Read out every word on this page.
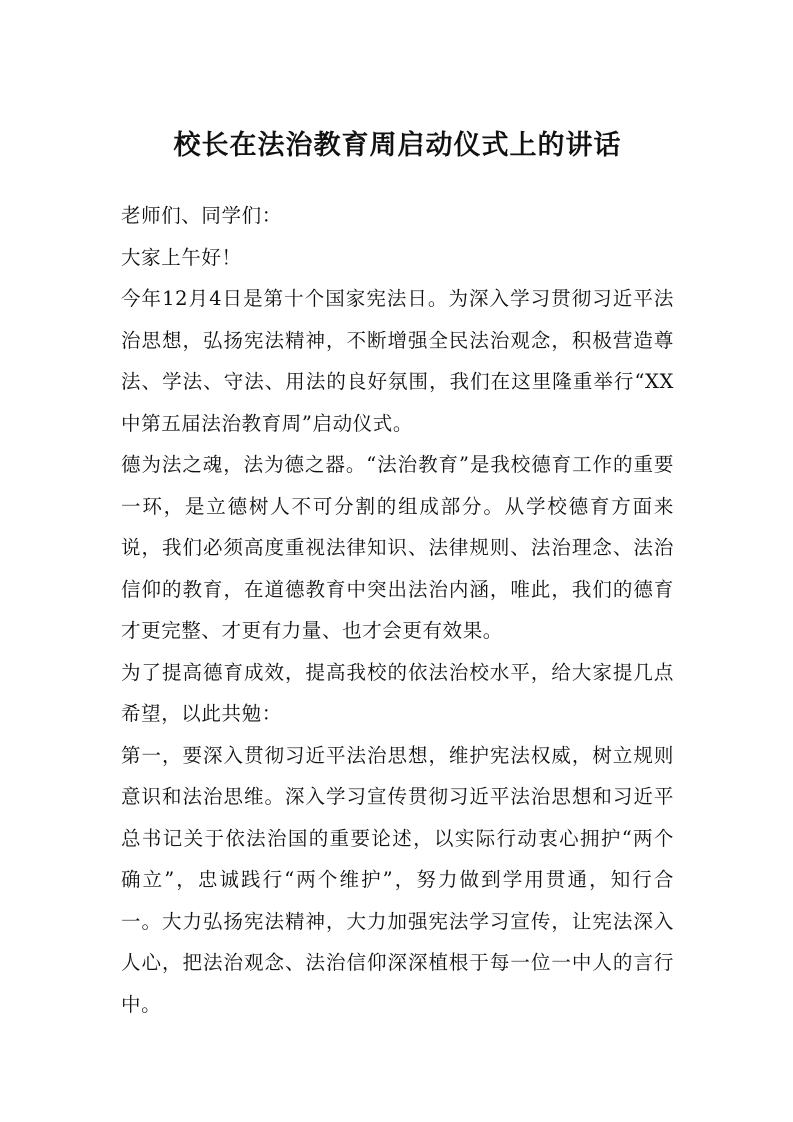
校长在法治教育周启动仪式上的讲话

老师们、同学们：

大家上午好！

今年12月4日是第十个国家宪法日。为深入学习贯彻习近平法治思想，弘扬宪法精神，不断增强全民法治观念，积极营造尊法、学法、守法、用法的良好氛围，我们在这里隆重举行“XX中第五届法治教育周”启动仪式。

德为法之魂，法为德之器。“法治教育”是我校德育工作的重要一环，是立德树人不可分割的组成部分。从学校德育方面来说，我们必须高度重视法律知识、法律规则、法治理念、法治信仰的教育，在道德教育中突出法治内涵，唯此，我们的德育才更完整、才更有力量、也才会更有效果。

为了提高德育成效，提高我校的依法治校水平，给大家提几点希望，以此共勉：

第一，要深入贯彻习近平法治思想，维护宪法权威，树立规则意识和法治思维。深入学习宣传贯彻习近平法治思想和习近平总书记关于依法治国的重要论述，以实际行动衷心拥护“两个确立”，忠诚践行“两个维护”，努力做到学用贯通，知行合一。大力弘扬宪法精神，大力加强宪法学习宣传，让宪法深入人心，把法治观念、法治信仰深深植根于每一位一中人的言行中。
